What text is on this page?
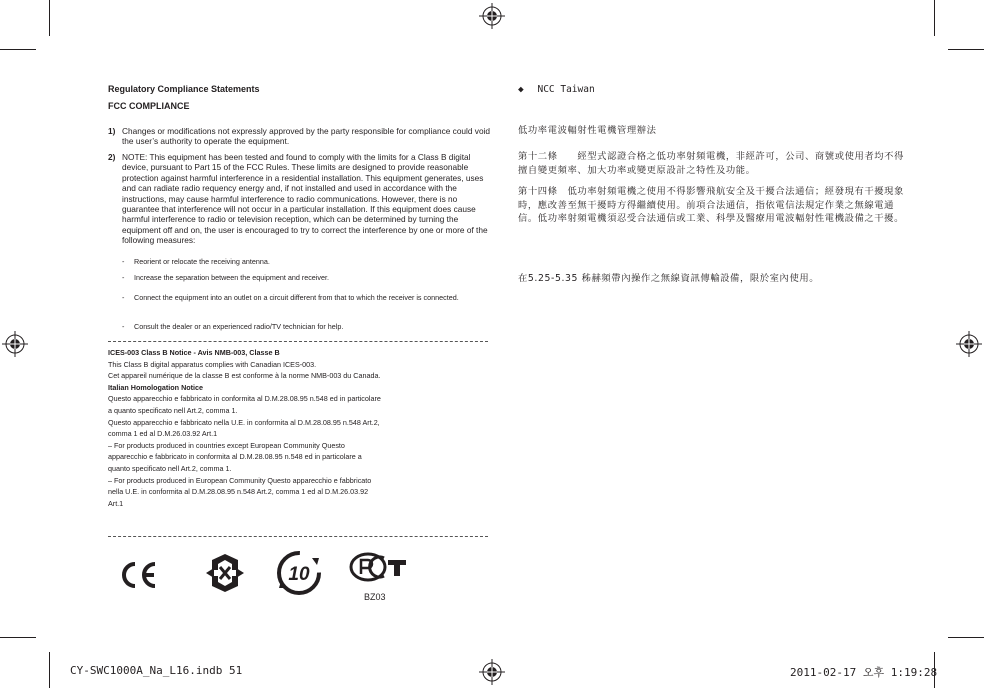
Regulatory Compliance Statements
FCC COMPLIANCE
1) Changes or modifications not expressly approved by the party responsible for compliance could void the user’s authority to operate the equipment.
2) NOTE: This equipment has been tested and found to comply with the limits for a Class B digital device, pursuant to Part 15 of the FCC Rules. These limits are designed to provide reasonable protection against harmful interference in a residential installation. This equipment generates, uses and can radiate radio requency energy and, if not installed and used in accordance with the instructions, may cause harmful interference to radio communications. However, there is no guarantee that interference will not occur in a particular installation. If this equipment does cause harmful interference to radio or television reception, which can be determined by turning the equipment off and on, the user is encouraged to try to correct the interference by one or more of the following measures:
- Reorient or relocate the receiving antenna.
- Increase the separation between the equipment and receiver.
- Connect the equipment into an outlet on a circuit different from that to which the receiver is connected.
- Consult the dealer or an experienced radio/TV technician for help.
ICES-003 Class B Notice - Avis NMB-003, Classe B
This Class B digital apparatus complies with Canadian ICES-003.
Cet appareil numérique de la classe B est conforme à la norme NMB-003 du Canada.
Italian Homologation Notice
Questo apparecchio e fabbricato in conformita al D.M.28.08.95 n.548 ed in particolare
a quanto specificato nell Art.2, comma 1.
Questo apparecchio e fabbricato nella U.E. in conformita al D.M.28.08.95 n.548 Art.2,
comma 1 ed al D.M.26.03.92 Art.1
– For products produced in countries except European Community Questo
apparecchio e fabbricato in conformita al D.M.28.08.95 n.548 ed in particolare a
quanto specificato nell Art.2, comma 1.
– For products produced in European Community Questo apparecchio e fabbricato
nella U.E. in conformita al D.M.28.08.95 n.548 Art.2, comma 1 ed al D.M.26.03.92
Art.1
10
BZ03
◆ NCC Taiwan
低功率電波輻射性電機管理辦法
第十二條　　經型式認證合格之低功率射頻電機，非經許可，公司、商號或使用者均不得擅自變更頻率、加大功率或變更原設計之特性及功能。
第十四條　低功率射頻電機之使用不得影響飛航安全及干擾合法通信；經發現有干擾現象時，應改善至無干擾時方得繼續使用。前項合法通信，指依電信法規定作業之無線電通信。低功率射頻電機須忍受合法通信或工業、科學及醫療用電波輻射性電機設備之干擾。
在5.25-5.35 秭赫頻帶內操作之無線資訊傳輸設備，限於室內使用。
CY-SWC1000A_Na_L16.indb 51	2011-02-17 오후 1:19:28
